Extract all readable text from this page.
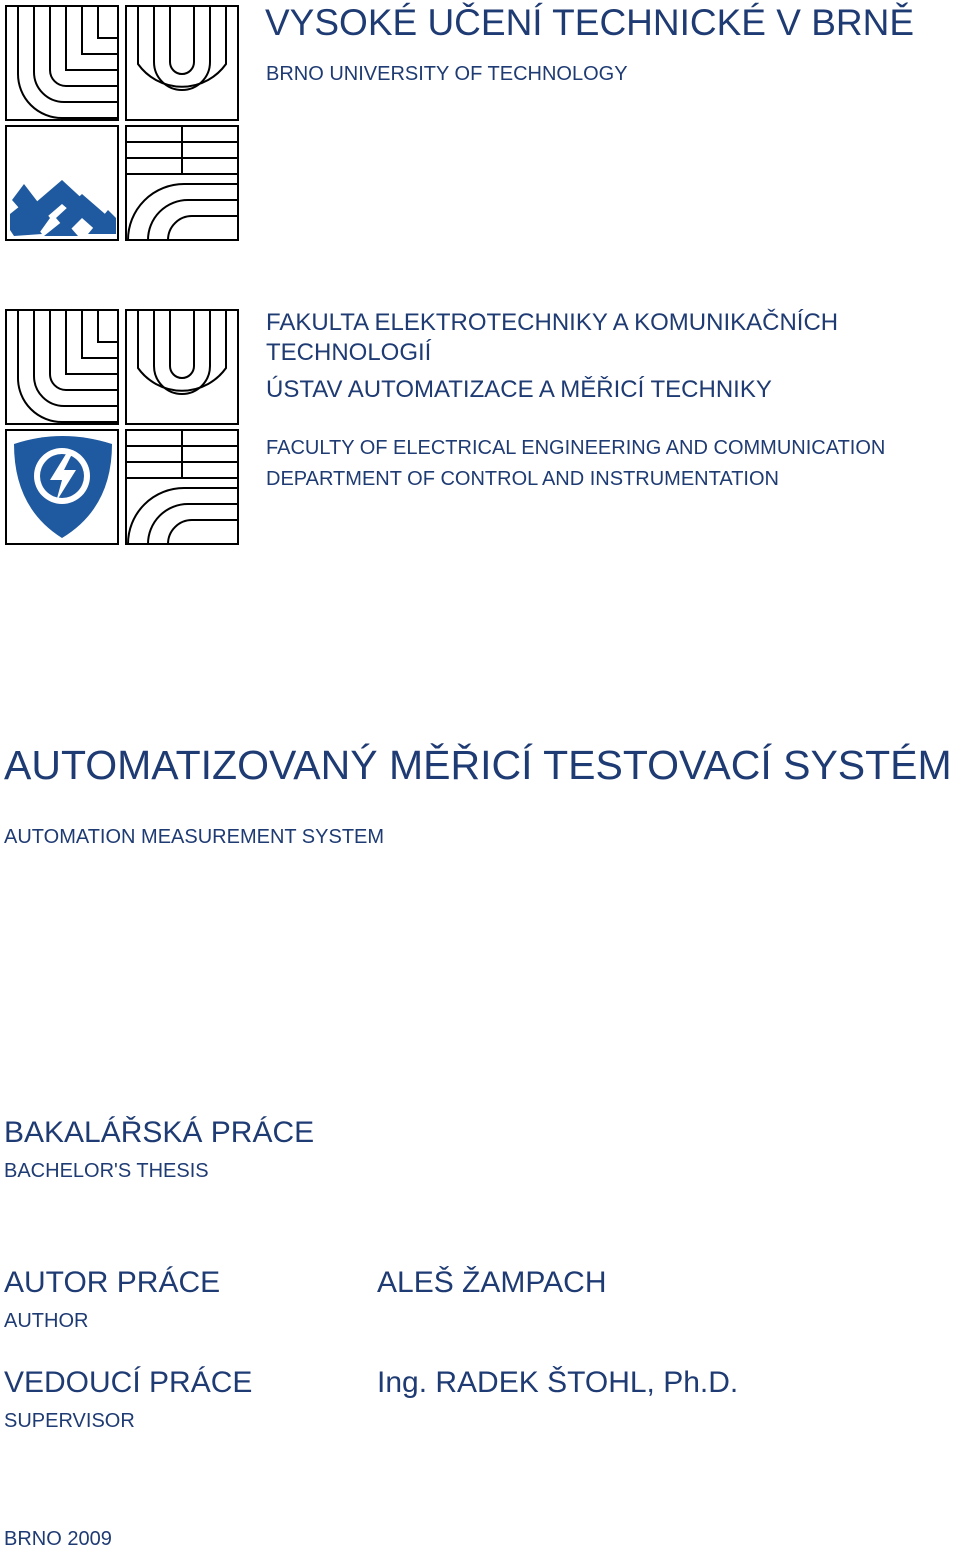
VYSOKÉ UČENÍ TECHNICKÉ V BRNĚ
BRNO UNIVERSITY OF TECHNOLOGY
FAKULTA ELEKTROTECHNIKY A KOMUNIKAČNÍCH TECHNOLOGIÍ
ÚSTAV AUTOMATIZACE A MĚŘICÍ TECHNIKY
FACULTY OF ELECTRICAL ENGINEERING AND COMMUNICATION
DEPARTMENT OF CONTROL AND INSTRUMENTATION
AUTOMATIZOVANÝ MĚŘICÍ TESTOVACÍ SYSTÉM
AUTOMATION MEASUREMENT SYSTEM
BAKALÁŘSKÁ PRÁCE
BACHELOR'S THESIS
AUTOR PRÁCE
AUTHOR
ALEŠ ŽAMPACH
VEDOUCÍ PRÁCE
SUPERVISOR
Ing. RADEK ŠTOHL, Ph.D.
BRNO 2009
